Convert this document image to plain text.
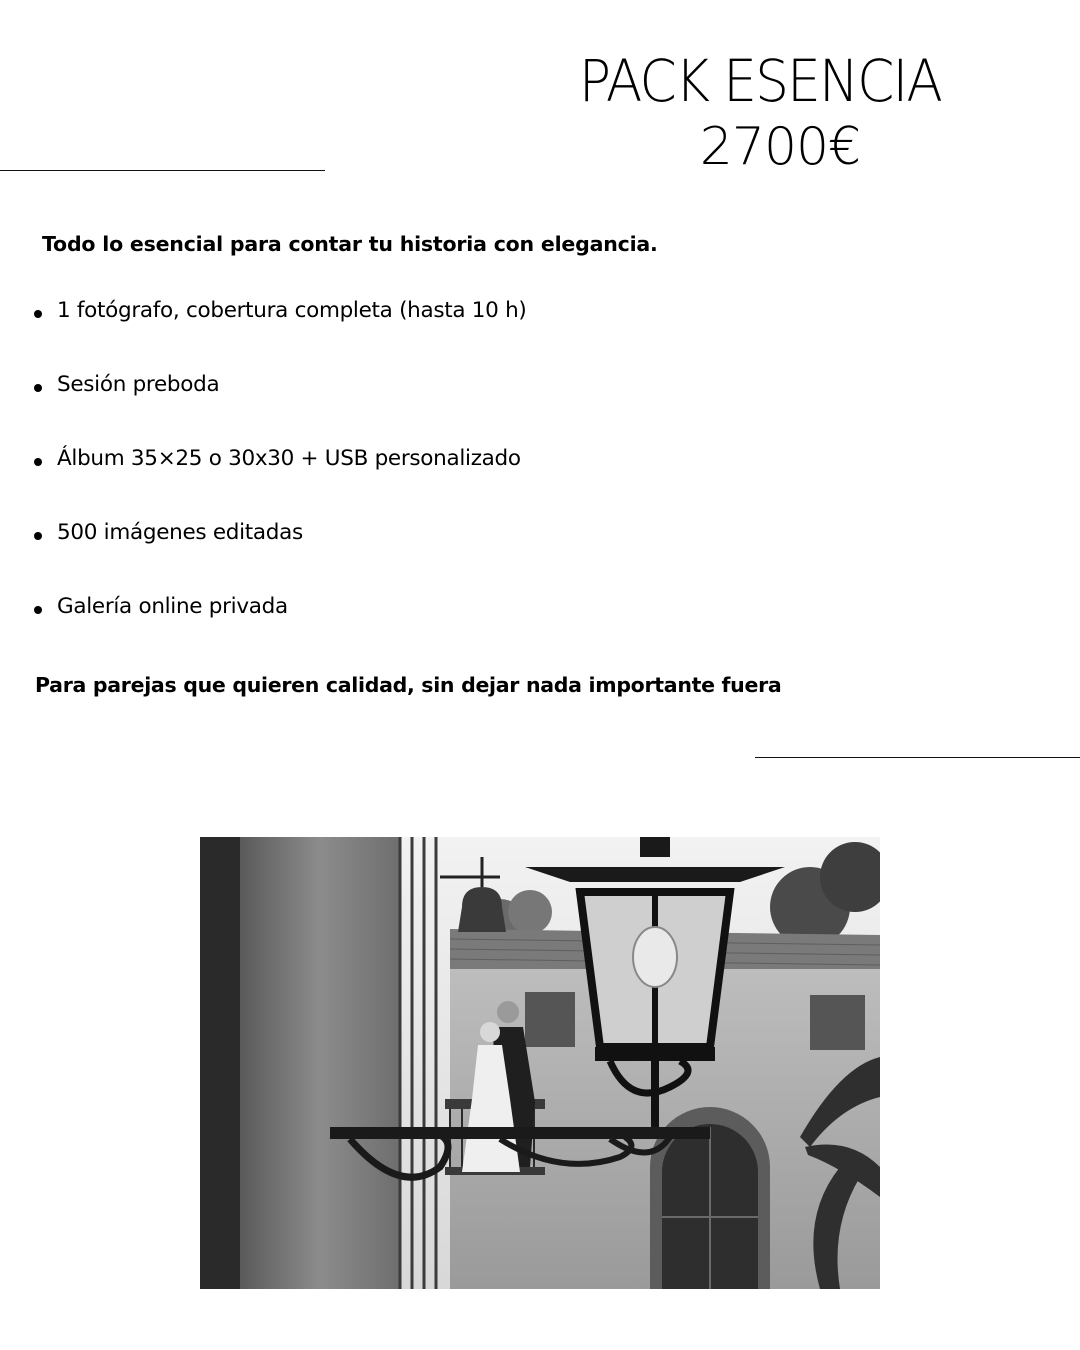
PACK ESENCIA
2700€
Todo lo esencial para contar tu historia con elegancia.
1 fotógrafo, cobertura completa (hasta 10 h)
Sesión preboda
Álbum 35×25 o 30x30 + USB personalizado
500 imágenes editadas
Galería online privada
Para parejas que quieren calidad, sin dejar nada importante fuera
